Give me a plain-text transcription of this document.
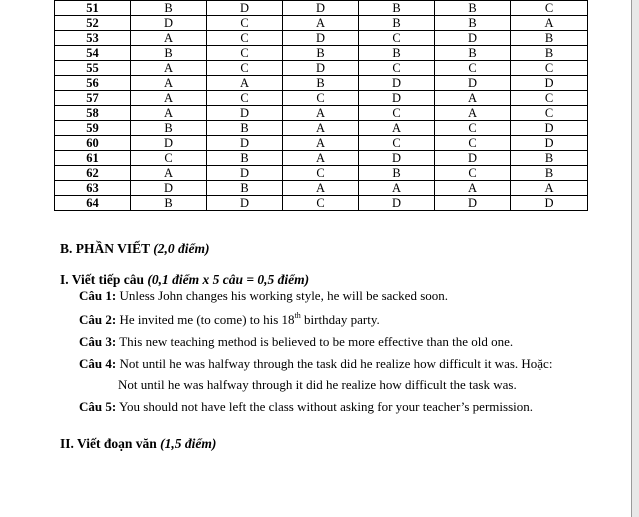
51	B	D	D	B	B	C
52	D	C	A	B	B	A
53	A	C	D	C	D	B
54	B	C	B	B	B	B
55	A	C	D	C	C	C
56	A	A	B	D	D	D
57	A	C	C	D	A	C
58	A	D	A	C	A	C
59	B	B	A	A	C	D
60	D	D	A	C	C	D
61	C	B	A	D	D	B
62	A	D	C	B	C	B
63	D	B	A	A	A	A
64	B	D	C	D	D	D
B. PHẦN VIẾT (2,0 điểm)
I. Viết tiếp câu (0,1 điểm x 5 câu = 0,5 điểm)
Câu 1: Unless John changes his working style, he will be sacked soon.
Câu 2: He invited me (to come) to his 18th birthday party.
Câu 3: This new teaching method is believed to be more effective than the old one.
Câu 4: Not until he was halfway through the task did he realize how difficult it was. Hoặc:
Not until he was halfway through it did he realize how difficult the task was.
Câu 5: You should not have left the class without asking for your teacher’s permission.
II. Viết đoạn văn (1,5 điểm)
